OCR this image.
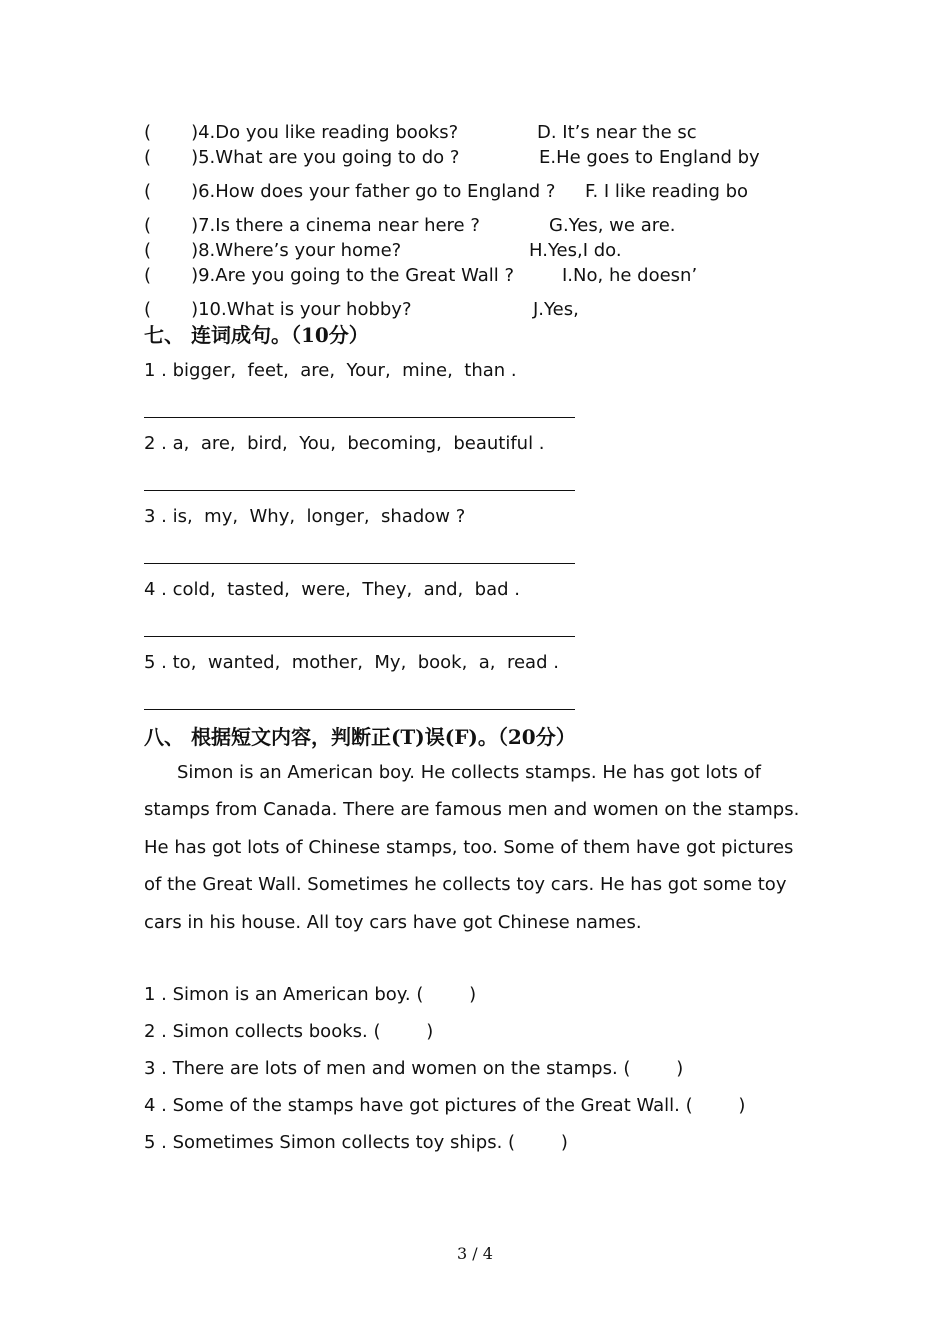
(       )4.Do you like reading books?	D. It’s near the sc
(       )5.What are you going to do ?	E.He goes to England by
(       )6.How does your father go to England ? F. I like reading bo
(       )7.Is there a cinema near here ?	G.Yes, we are.
(       )8.Where’s your home?	H.Yes,I do.
(       )9.Are you going to the Great Wall ?	I.No, he doesn’
(       )10.What is your hobby?	J.Yes,
七、 连词成句。（10分）
1 . bigger,  feet,  are,  Your,  mine,  than .
2 . a,  are,  bird,  You,  becoming,  beautiful .
3 . is,  my,  Why,  longer,  shadow ?
4 . cold,  tasted,  were,  They,  and,  bad .
5 . to,  wanted,  mother,  My,  book,  a,  read .
八、 根据短文内容，判断正(T)误(F)。（20分）
Simon is an American boy. He collects stamps. He has got lots of stamps from Canada. There are famous men and women on the stamps. He has got lots of Chinese stamps, too. Some of them have got pictures of the Great Wall. Sometimes he collects toy cars. He has got some toy cars in his house. All toy cars have got Chinese names.
1 . Simon is an American boy. (        )
2 . Simon collects books. (        )
3 . There are lots of men and women on the stamps. (        )
4 . Some of the stamps have got pictures of the Great Wall. (        )
5 . Sometimes Simon collects toy ships. (        )
3 / 4
